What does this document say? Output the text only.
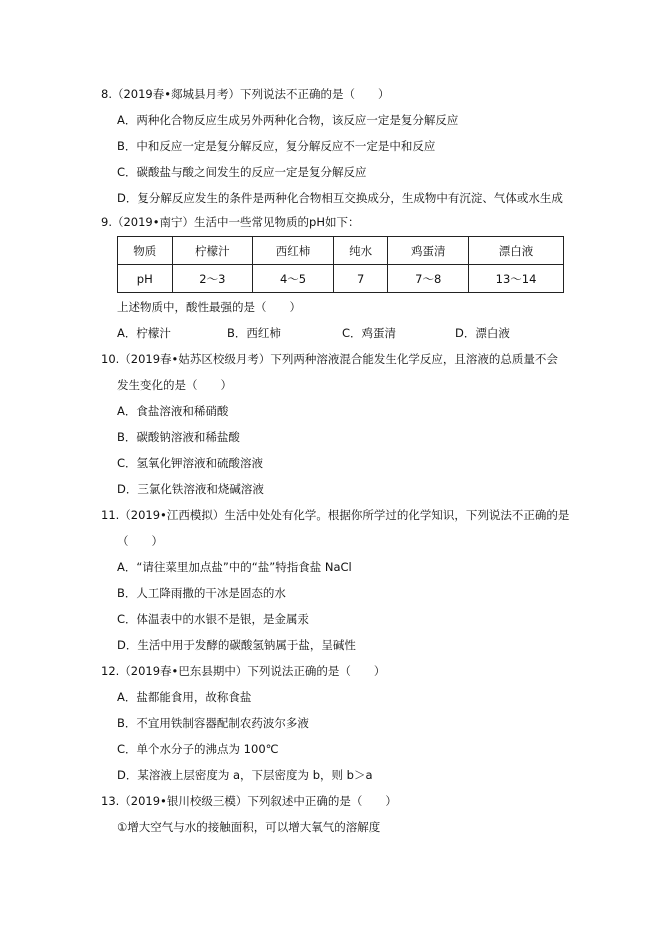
8.（2019春•郯城县月考）下列说法不正确的是（　　）
A．两种化合物反应生成另外两种化合物，该反应一定是复分解反应
B．中和反应一定是复分解反应，复分解反应不一定是中和反应
C．碳酸盐与酸之间发生的反应一定是复分解反应
D．复分解反应发生的条件是两种化合物相互交换成分，生成物中有沉淀、气体或水生成
9.（2019•南宁）生活中一些常见物质的pH如下：
物质	柠檬汁	西红柿	纯水	鸡蛋清	漂白液
pH	2～3	4～5	7	7～8	13～14
上述物质中，酸性最强的是（　　）
A．柠檬汁	B．西红柿	C．鸡蛋清	D．漂白液
10.（2019春•姑苏区校级月考）下列两种溶液混合能发生化学反应，且溶液的总质量不会
发生变化的是（　　）
A．食盐溶液和稀硝酸
B．碳酸钠溶液和稀盐酸
C．氢氧化钾溶液和硫酸溶液
D．三氯化铁溶液和烧碱溶液
11.（2019•江西模拟）生活中处处有化学。根据你所学过的化学知识，下列说法不正确的是
（　　）
A．“请往菜里加点盐”中的“盐”特指食盐 NaCl
B．人工降雨撒的干冰是固态的水
C．体温表中的水银不是银，是金属汞
D．生活中用于发酵的碳酸氢钠属于盐，呈碱性
12.（2019春•巴东县期中）下列说法正确的是（　　）
A．盐都能食用，故称食盐
B．不宜用铁制容器配制农药波尔多液
C．单个水分子的沸点为 100℃
D．某溶液上层密度为 a，下层密度为 b，则 b＞a
13.（2019•银川校级三模）下列叙述中正确的是（　　）
①增大空气与水的接触面积，可以增大氧气的溶解度
